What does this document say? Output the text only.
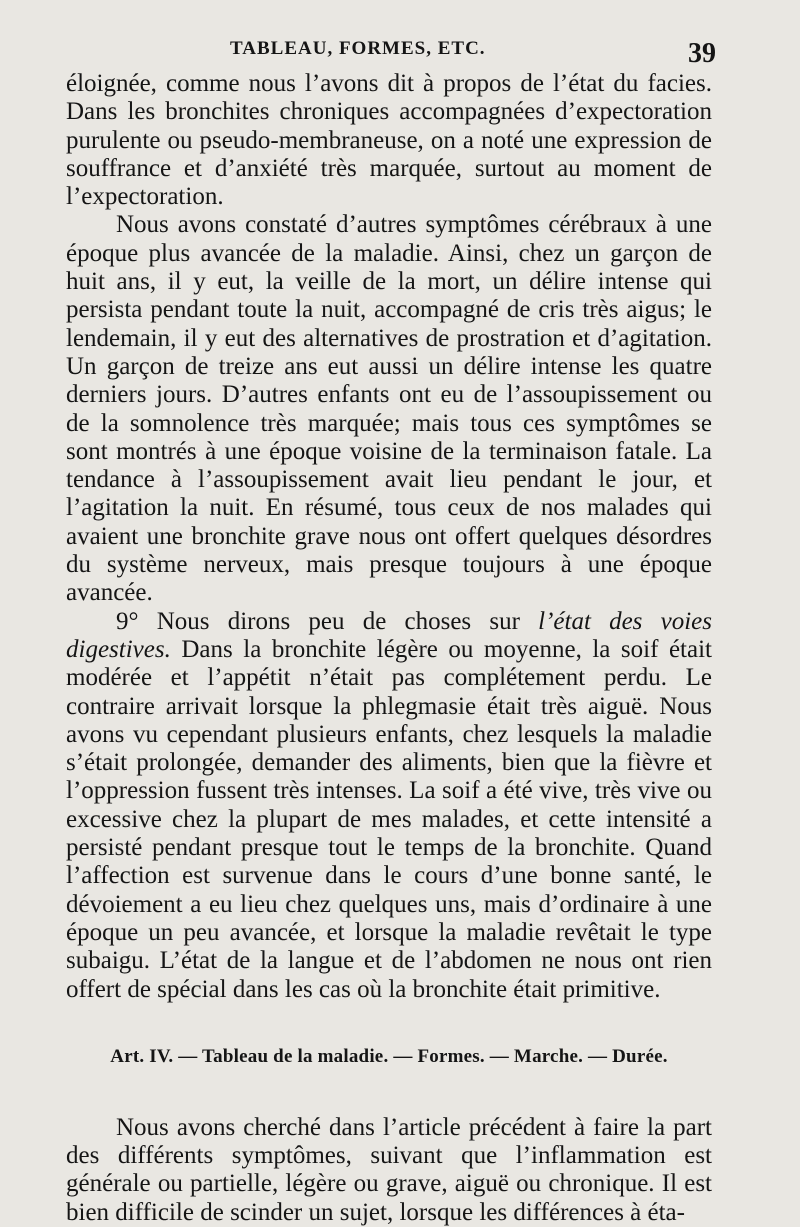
TABLEAU, FORMES, ETC.	39

éloignée, comme nous l’avons dit à propos de l’état du facies. Dans les bronchites chroniques accompagnées d’expectoration purulente ou pseudo-membraneuse, on a noté une expression de souffrance et d’anxiété très marquée, surtout au moment de l’expectoration.

Nous avons constaté d’autres symptômes cérébraux à une époque plus avancée de la maladie. Ainsi, chez un garçon de huit ans, il y eut, la veille de la mort, un délire intense qui persista pendant toute la nuit, accompagné de cris très aigus; le lendemain, il y eut des alternatives de prostration et d’agitation. Un garçon de treize ans eut aussi un délire intense les quatre derniers jours. D’autres enfants ont eu de l’assoupissement ou de la somnolence très marquée; mais tous ces symptômes se sont montrés à une époque voisine de la terminaison fatale. La tendance à l’assoupissement avait lieu pendant le jour, et l’agitation la nuit. En résumé, tous ceux de nos malades qui avaient une bronchite grave nous ont offert quelques désordres du système nerveux, mais presque toujours à une époque avancée.

9° Nous dirons peu de choses sur l’état des voies digestives. Dans la bronchite légère ou moyenne, la soif était modérée et l’appétit n’était pas complétement perdu. Le contraire arrivait lorsque la phlegmasie était très aiguë. Nous avons vu cependant plusieurs enfants, chez lesquels la maladie s’était prolongée, demander des aliments, bien que la fièvre et l’oppression fussent très intenses. La soif a été vive, très vive ou excessive chez la plupart de mes malades, et cette intensité a persisté pendant presque tout le temps de la bronchite. Quand l’affection est survenue dans le cours d’une bonne santé, le dévoiement a eu lieu chez quelques uns, mais d’ordinaire à une époque un peu avancée, et lorsque la maladie revêtait le type subaigu. L’état de la langue et de l’abdomen ne nous ont rien offert de spécial dans les cas où la bronchite était primitive.

Art. IV. — Tableau de la maladie. — Formes. — Marche. — Durée.

Nous avons cherché dans l’article précédent à faire la part des différents symptômes, suivant que l’inflammation est générale ou partielle, légère ou grave, aiguë ou chronique. Il est bien difficile de scinder un sujet, lorsque les différences à éta-
